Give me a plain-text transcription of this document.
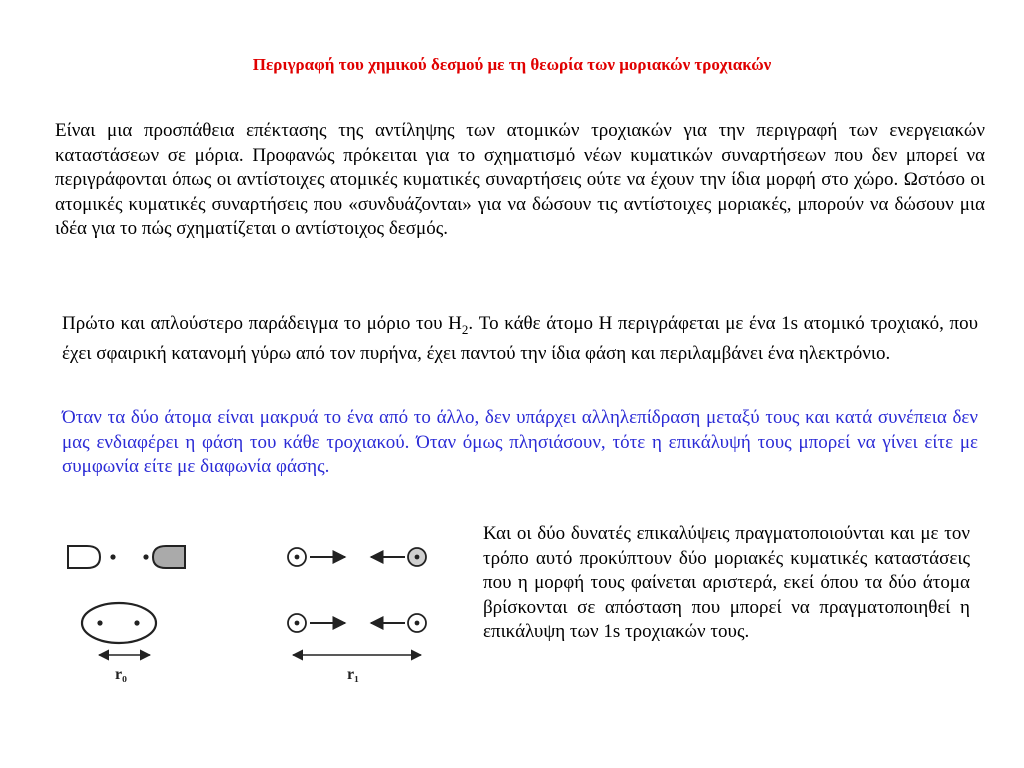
Περιγραφή του χημικού δεσμού με τη θεωρία των μοριακών τροχιακών

Είναι μια προσπάθεια επέκτασης της αντίληψης των ατομικών τροχιακών για την περιγραφή των ενεργειακών καταστάσεων σε μόρια. Προφανώς πρόκειται για το σχηματισμό νέων κυματικών συναρτήσεων που δεν μπορεί να περιγράφονται όπως οι αντίστοιχες ατομικές κυματικές συναρτήσεις ούτε να έχουν την ίδια μορφή στο χώρο. Ωστόσο οι ατομικές κυματικές συναρτήσεις που «συνδυάζονται» για να δώσουν τις αντίστοιχες μοριακές, μπορούν να δώσουν μια ιδέα για το πώς σχηματίζεται ο αντίστοιχος δεσμός.

Πρώτο και απλούστερο παράδειγμα το μόριο του $H_2$. Το κάθε άτομο H περιγράφεται με ένα 1s ατομικό τροχιακό, που έχει σφαιρική κατανομή γύρω από τον πυρήνα, έχει παντού την ίδια φάση και περιλαμβάνει ένα ηλεκτρόνιο.

Όταν τα δύο άτομα είναι μακρυά το ένα από το άλλο, δεν υπάρχει αλληλεπίδραση μεταξύ τους και κατά συνέπεια δεν μας ενδιαφέρει η φάση του κάθε τροχιακού. Όταν όμως πλησιάσουν, τότε η επικάλυψή τους μπορεί να γίνει είτε με συμφωνία είτε με διαφωνία φάσης.

Και οι δύο δυνατές επικαλύψεις πραγματοποιούνται και με τον τρόπο αυτό προκύπτουν δύο μοριακές κυματικές καταστάσεις που η μορφή τους φαίνεται αριστερά, εκεί όπου τα δύο άτομα βρίσκονται σε απόσταση που μπορεί να πραγματοποιηθεί η επικάλυψη των 1s τροχιακών τους.

r₀	r₁
